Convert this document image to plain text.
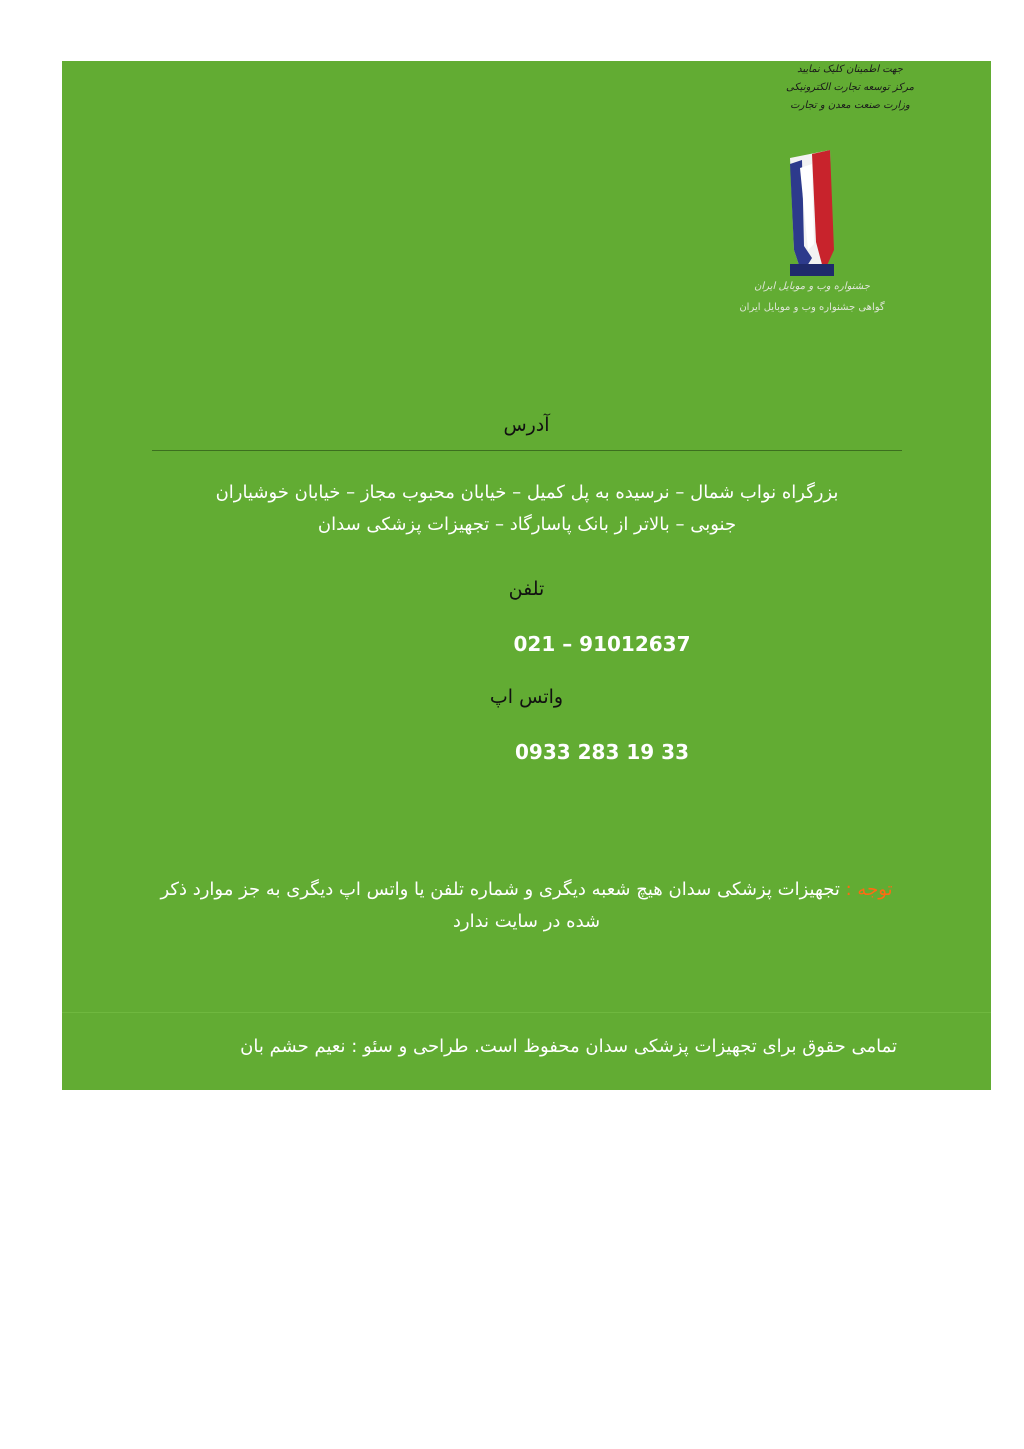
جهت اطمینان کلیک نمایید
مرکز توسعه تجارت الکترونیکی
وزارت صنعت معدن و تجارت
جشنواره وب و موبایل ایران
گواهی جشنواره وب و موبایل ایران
آدرس
بزرگراه نواب شمال – نرسیده به پل کمیل – خیابان محبوب مجاز – خیابان خوشیاران
جنوبی – بالاتر از بانک پاسارگاد – تجهیزات پزشکی سدان
تلفن
021 – 91012637
واتس اپ
0933 283 19 33
توجه : تجهیزات پزشکی سدان هیچ شعبه دیگری و شماره تلفن یا واتس اپ دیگری به جز موارد ذکر
شده در سایت ندارد
تمامی حقوق برای تجهیزات پزشکی سدان محفوظ است. طراحی و سئو : نعیم حشم بان
